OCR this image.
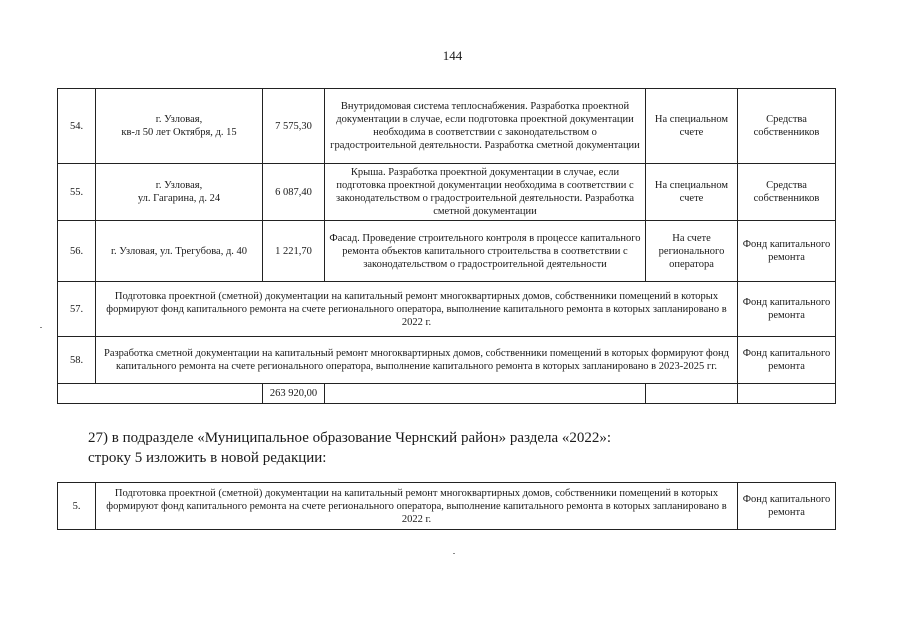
144
54.	г. Узловая,
кв-л 50 лет Октября, д. 15	7 575,30	Внутридомовая система теплоснабжения. Разработка проектной документации в случае, если подготовка проектной документации необходима в соответствии с законодательством о градостроительной деятельности. Разработка сметной документации	На специальном счете	Средства собственников
55.	г. Узловая,
ул. Гагарина, д. 24	6 087,40	Крыша. Разработка проектной документации в случае, если подготовка проектной документации необходима в соответствии с законодательством о градостроительной деятельности. Разработка сметной документации	На специальном счете	Средства собственников
56.	г. Узловая, ул. Трегубова, д. 40	1 221,70	Фасад. Проведение строительного контроля в процессе капитального ремонта объектов капитального строительства в соответствии с законодательством о градостроительной деятельности	На счете регионального оператора	Фонд капитального ремонта
57.	Подготовка проектной (сметной) документации на капитальный ремонт многоквартирных домов, собственники помещений в которых формируют фонд капитального ремонта на счете регионального оператора, выполнение капитального ремонта в которых запланировано в 2022 г.				Фонд капитального ремонта
58.	Разработка сметной документации на капитальный ремонт многоквартирных домов, собственники помещений в которых формируют фонд капитального ремонта на счете регионального оператора, выполнение капитального ремонта в которых запланировано в 2023-2025 гг.				Фонд капитального ремонта
		263 920,00			
27) в подразделе «Муниципальное образование Чернский район» раздела «2022»:
строку 5 изложить в новой редакции:
5.	Подготовка проектной (сметной) документации на капитальный ремонт многоквартирных домов, собственники помещений в которых формируют фонд капитального ремонта на счете регионального оператора, выполнение капитального ремонта в которых запланировано в 2022 г.	Фонд капитального ремонта
